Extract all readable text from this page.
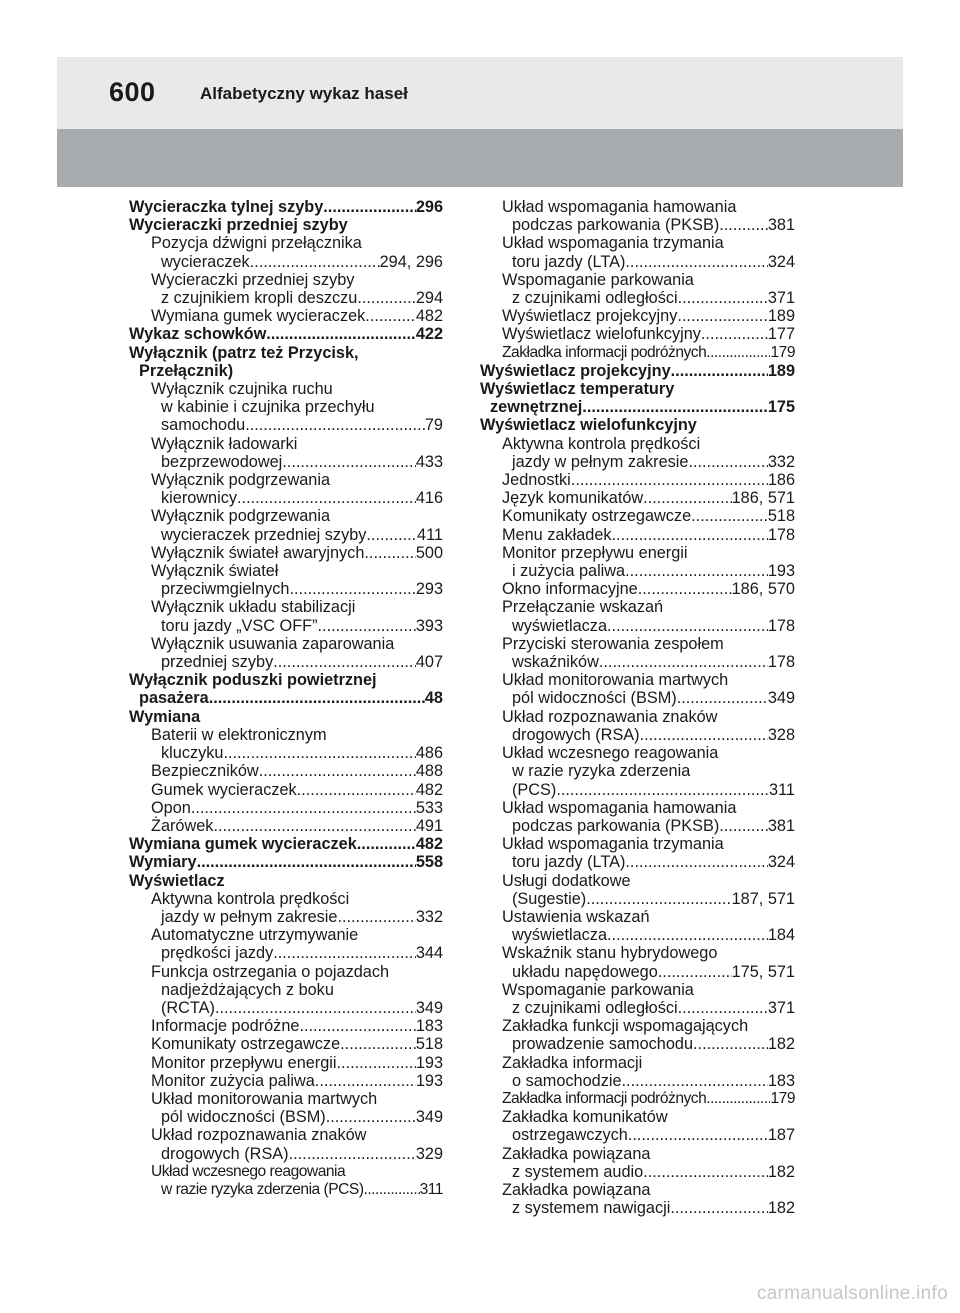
600	Alfabetyczny wykaz haseł
Wycieraczka tylnej szyby .....	296
Wycieraczki przedniej szyby
Pozycja dźwigni przełącznika
wycieraczek .....	294, 296
Wycieraczki przedniej szyby
z czujnikiem kropli deszczu .....	294
Wymiana gumek wycieraczek .....	482
Wykaz schowków .....	422
Wyłącznik (patrz też Przycisk,
Przełącznik)
Wyłącznik czujnika ruchu
w kabinie i czujnika przechyłu
samochodu .....	79
Wyłącznik ładowarki
bezprzewodowej .....	433
Wyłącznik podgrzewania
kierownicy .....	416
Wyłącznik podgrzewania
wycieraczek przedniej szyby .....	411
Wyłącznik świateł awaryjnych .....	500
Wyłącznik świateł
przeciwmgielnych .....	293
Wyłącznik układu stabilizacji
toru jazdy „VSC OFF” .....	393
Wyłącznik usuwania zaparowania
przedniej szyby .....	407
Wyłącznik poduszki powietrznej
pasażera .....	48
Wymiana
Baterii w elektronicznym
kluczyku .....	486
Bezpieczników .....	488
Gumek wycieraczek .....	482
Opon .....	533
Żarówek .....	491
Wymiana gumek wycieraczek .....	482
Wymiary .....	558
Wyświetlacz
Aktywna kontrola prędkości
jazdy w pełnym zakresie .....	332
Automatyczne utrzymywanie
prędkości jazdy .....	344
Funkcja ostrzegania o pojazdach
nadjeżdżających z boku
(RCTA) .....	349
Informacje podróżne .....	183
Komunikaty ostrzegawcze .....	518
Monitor przepływu energii .....	193
Monitor zużycia paliwa .....	193
Układ monitorowania martwych
pól widoczności (BSM) .....	349
Układ rozpoznawania znaków
drogowych (RSA) .....	329
Układ wczesnego reagowania
w razie ryzyka zderzenia (PCS) .....	311
Układ wspomagania hamowania
podczas parkowania (PKSB) .....	381
Układ wspomagania trzymania
toru jazdy (LTA) .....	324
Wspomaganie parkowania
z czujnikami odległości .....	371
Wyświetlacz projekcyjny .....	189
Wyświetlacz wielofunkcyjny .....	177
Zakładka informacji podróżnych .....	179
Wyświetlacz projekcyjny .....	189
Wyświetlacz temperatury
zewnętrznej .....	175
Wyświetlacz wielofunkcyjny
Aktywna kontrola prędkości
jazdy w pełnym zakresie .....	332
Jednostki .....	186
Język komunikatów .....	186, 571
Komunikaty ostrzegawcze .....	518
Menu zakładek .....	178
Monitor przepływu energii
i zużycia paliwa .....	193
Okno informacyjne .....	186, 570
Przełączanie wskazań
wyświetlacza .....	178
Przyciski sterowania zespołem
wskaźników .....	178
Układ monitorowania martwych
pól widoczności (BSM) .....	349
Układ rozpoznawania znaków
drogowych (RSA) .....	328
Układ wczesnego reagowania
w razie ryzyka zderzenia
(PCS) .....	311
Układ wspomagania hamowania
podczas parkowania (PKSB) .....	381
Układ wspomagania trzymania
toru jazdy (LTA) .....	324
Usługi dodatkowe
(Sugestie) .....	187, 571
Ustawienia wskazań
wyświetlacza .....	184
Wskaźnik stanu hybrydowego
układu napędowego .....	175, 571
Wspomaganie parkowania
z czujnikami odległości .....	371
Zakładka funkcji wspomagających
prowadzenie samochodu .....	182
Zakładka informacji
o samochodzie .....	183
Zakładka informacji podróżnych .....	179
Zakładka komunikatów
ostrzegawczych .....	187
Zakładka powiązana
z systemem audio .....	182
Zakładka powiązana
z systemem nawigacji .....	182
carmanualsonline.info
